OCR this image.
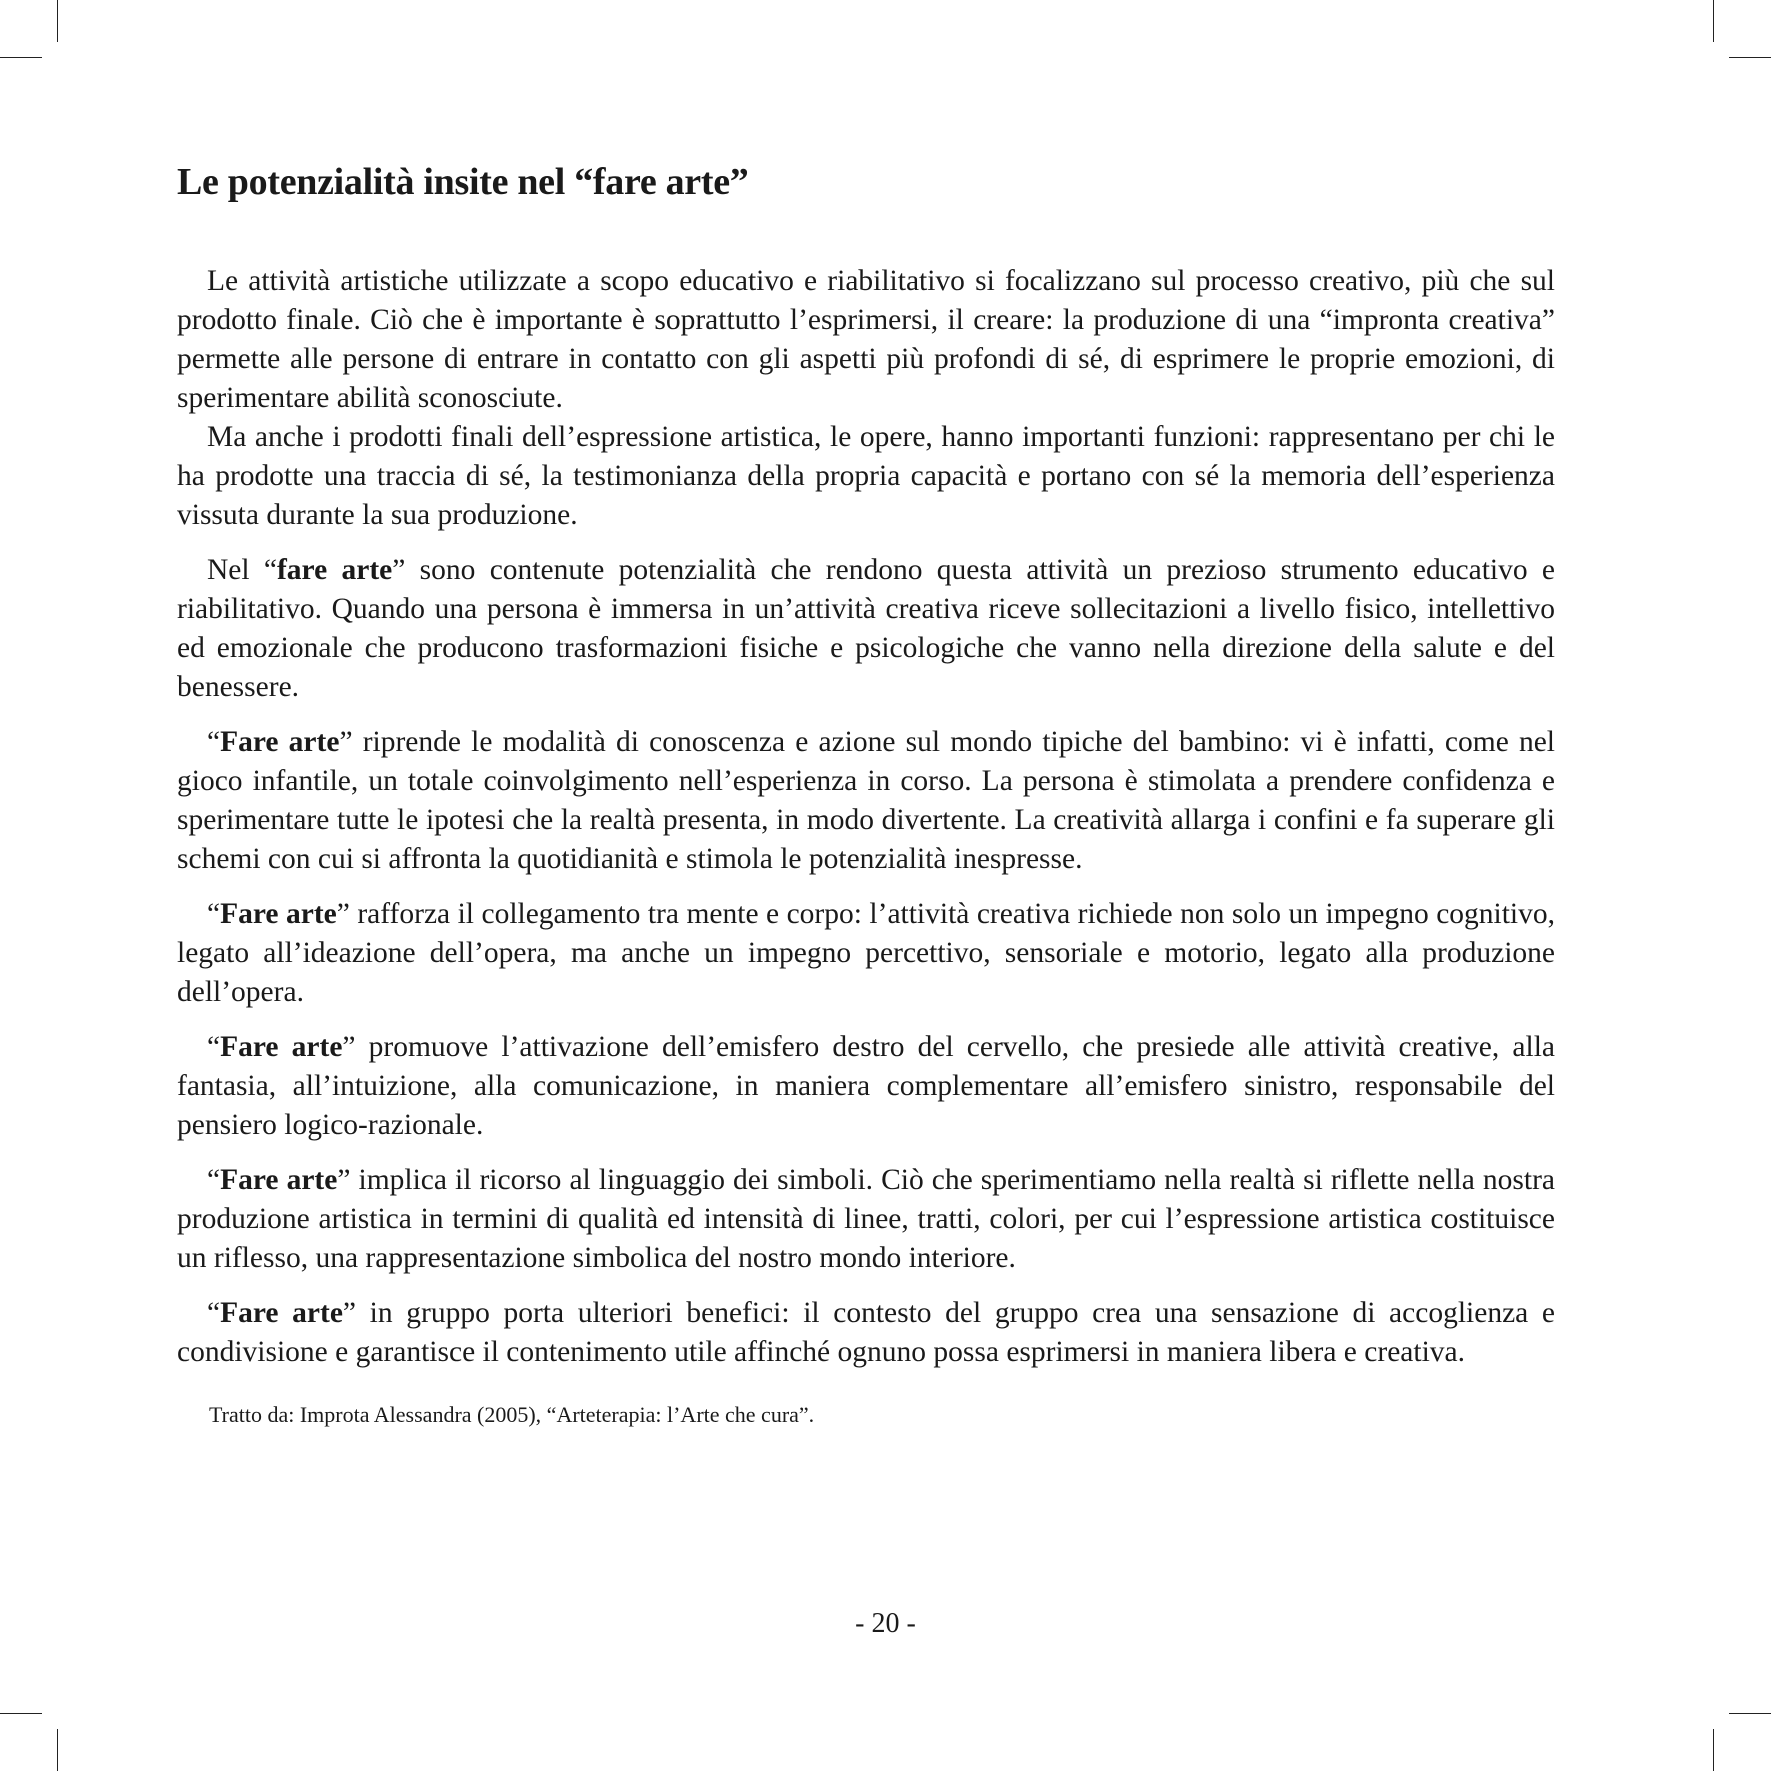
Le potenzialità insite nel “fare arte”

Le attività artistiche utilizzate a scopo educativo e riabilitativo si focalizzano sul processo creativo, più che sul prodotto finale. Ciò che è importante è soprattutto l’esprimersi, il creare: la produzione di una “impronta creativa” permette alle persone di entrare in contatto con gli aspetti più profondi di sé, di esprimere le proprie emozioni, di sperimentare abilità sconosciute.

Ma anche i prodotti finali dell’espressione artistica, le opere, hanno importanti funzioni: rappresentano per chi le ha prodotte una traccia di sé, la testimonianza della propria capacità e portano con sé la memoria dell’esperienza vissuta durante la sua produzione.

Nel “fare arte” sono contenute potenzialità che rendono questa attività un prezioso strumento educativo e riabilitativo. Quando una persona è immersa in un’attività creativa riceve sollecitazioni a livello fisico, intellettivo ed emozionale che producono trasformazioni fisiche e psicologiche che vanno nella direzione della salute e del benessere.

“Fare arte” riprende le modalità di conoscenza e azione sul mondo tipiche del bambino: vi è infatti, come nel gioco infantile, un totale coinvolgimento nell’esperienza in corso. La persona è stimolata a prendere confidenza e sperimentare tutte le ipotesi che la realtà presenta, in modo divertente. La creatività allarga i confini e fa superare gli schemi con cui si affronta la quotidianità e stimola le potenzialità inespresse.

“Fare arte” rafforza il collegamento tra mente e corpo: l’attività creativa richiede non solo un impegno cognitivo, legato all’ideazione dell’opera, ma anche un impegno percettivo, sensoriale e motorio, legato alla produzione dell’opera.

“Fare arte” promuove l’attivazione dell’emisfero destro del cervello, che presiede alle attività creative, alla fantasia, all’intuizione, alla comunicazione, in maniera complementare all’emisfero sinistro, responsabile del pensiero logico-razionale.

“Fare arte” implica il ricorso al linguaggio dei simboli. Ciò che sperimentiamo nella realtà si riflette nella nostra produzione artistica in termini di qualità ed intensità di linee, tratti, colori, per cui l’espressione artistica costituisce un riflesso, una rappresentazione simbolica del nostro mondo interiore.

“Fare arte” in gruppo porta ulteriori benefici: il contesto del gruppo crea una sensazione di accoglienza e condivisione e garantisce il contenimento utile affinché ognuno possa esprimersi in maniera libera e creativa.

Tratto da: Improta Alessandra (2005), “Arteterapia: l’Arte che cura”.

- 20 -
